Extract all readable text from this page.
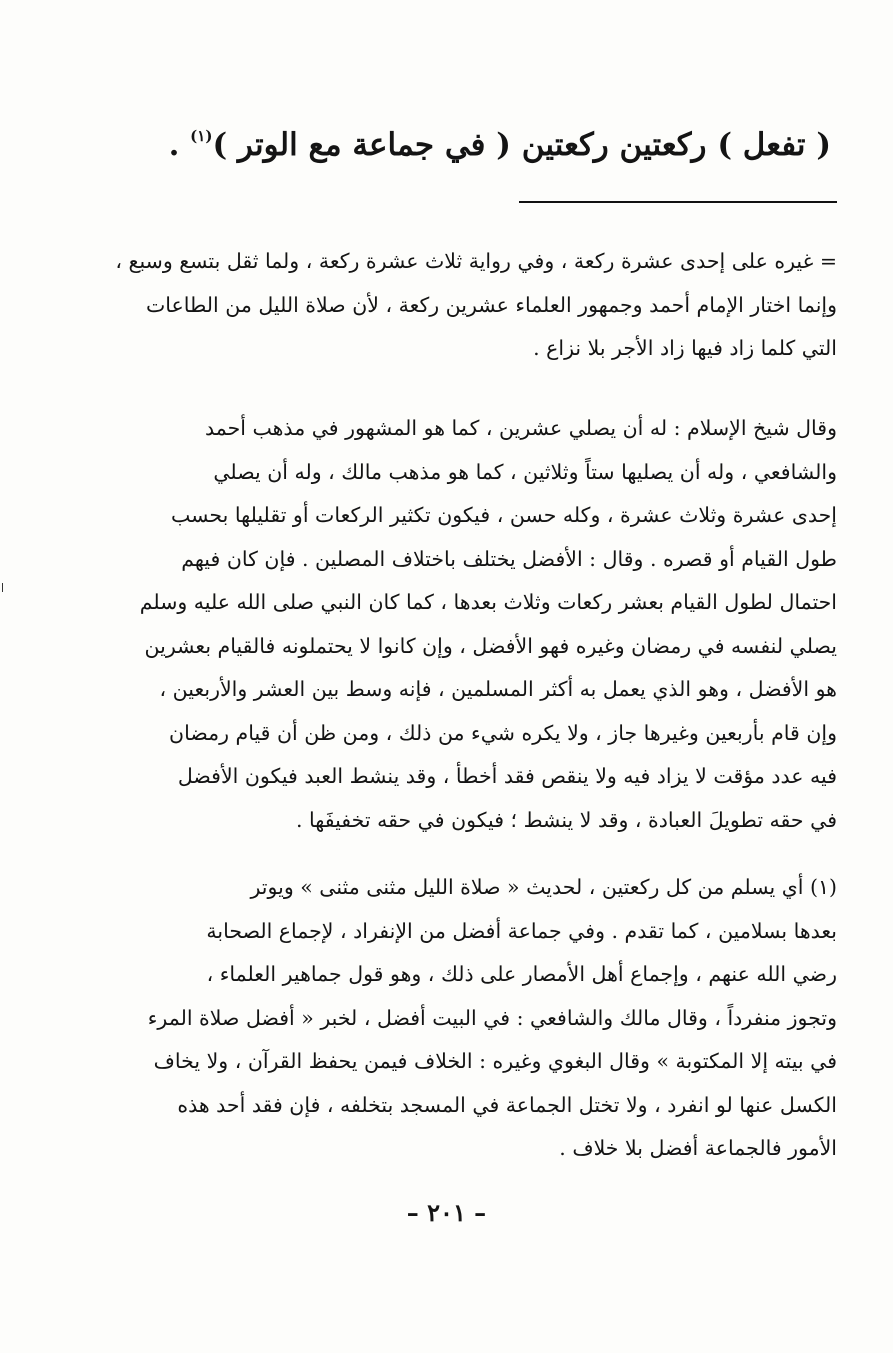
( تفعل ) ركعتين ركعتين ( في جماعة مع الوتر )$^{(١)}$ .

= غيره على إحدى عشرة ركعة ، وفي رواية ثلاث عشرة ركعة ، ولما ثقل بتسع وسبع ،
وإنما اختار الإمام أحمد وجمهور العلماء عشرين ركعة ، لأن صلاة الليل من الطاعات
التي كلما زاد فيها زاد الأجر بلا نزاع .

وقال شيخ الإسلام : له أن يصلي عشرين ، كما هو المشهور في مذهب أحمد
والشافعي ، وله أن يصليها ستاً وثلاثين ، كما هو مذهب مالك ، وله أن يصلي
إحدى عشرة وثلاث عشرة ، وكله حسن ، فيكون تكثير الركعات أو تقليلها بحسب
طول القيام أو قصره . وقال : الأفضل يختلف باختلاف المصلين . فإن كان فيهم
احتمال لطول القيام بعشر ركعات وثلاث بعدها ، كما كان النبي صلى الله عليه وسلم
يصلي لنفسه في رمضان وغيره فهو الأفضل ، وإن كانوا لا يحتملونه فالقيام بعشرين
هو الأفضل ، وهو الذي يعمل به أكثر المسلمين ، فإنه وسط بين العشر والأربعين ،
وإن قام بأربعين وغيرها جاز ، ولا يكره شيء من ذلك ، ومن ظن أن قيام رمضان
فيه عدد مؤقت لا يزاد فيه ولا ينقص فقد أخطأ ، وقد ينشط العبد فيكون الأفضل
في حقه تطويلَ العبادة ، وقد لا ينشط ؛ فيكون في حقه تخفيفَها .

(١) أي يسلم من كل ركعتين ، لحديث « صلاة الليل مثنى مثنى » ويوتر
بعدها بسلامين ، كما تقدم . وفي جماعة أفضل من الإنفراد ، لإجماع الصحابة
رضي الله عنهم ، وإجماع أهل الأمصار على ذلك ، وهو قول جماهير العلماء ،
وتجوز منفرداً ، وقال مالك والشافعي : في البيت أفضل ، لخبر « أفضل صلاة المرء
في بيته إلا المكتوبة » وقال البغوي وغيره : الخلاف فيمن يحفظ القرآن ، ولا يخاف
الكسل عنها لو انفرد ، ولا تختل الجماعة في المسجد بتخلفه ، فإن فقد أحد هذه
الأمور فالجماعة أفضل بلا خلاف .

– ٢٠١ –
